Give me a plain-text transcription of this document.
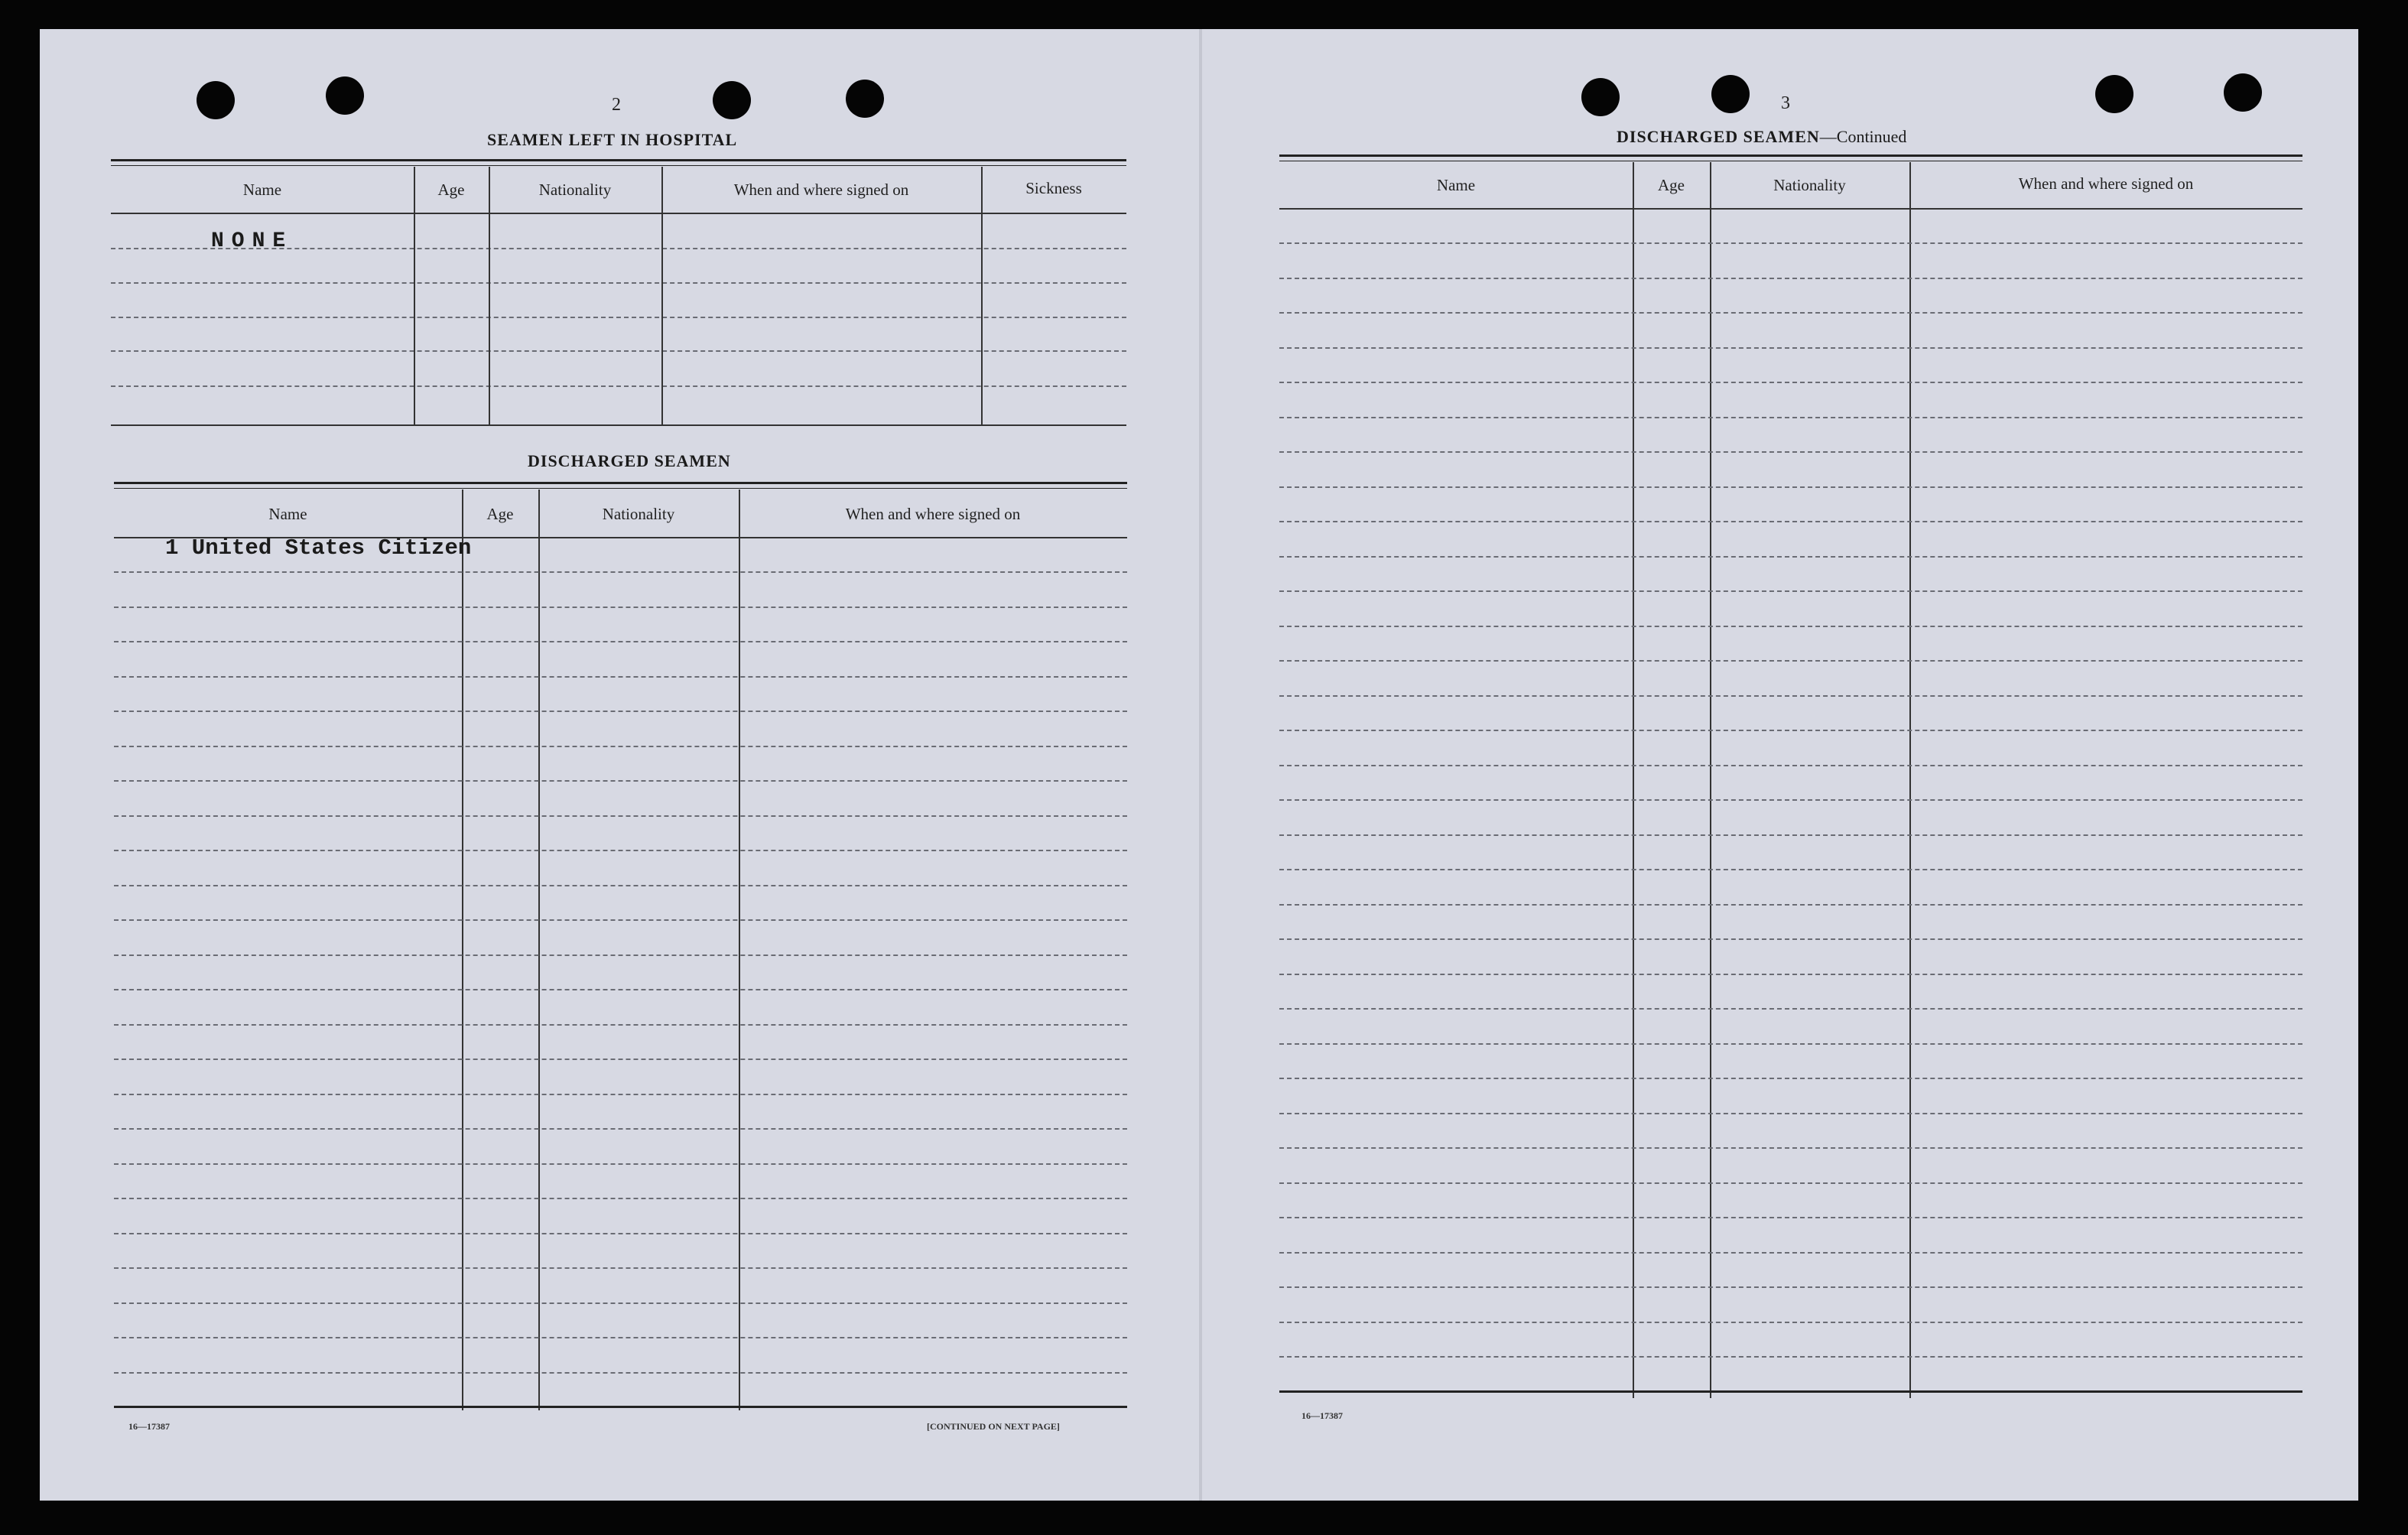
2
SEAMEN LEFT IN HOSPITAL
Name	Age	Nationality	When and where signed on	Sickness
NONE
DISCHARGED SEAMEN
Name	Age	Nationality	When and where signed on
1 United States Citizen
16—17387	[CONTINUED ON NEXT PAGE]
3
DISCHARGED SEAMEN—Continued
Name	Age	Nationality	When and where signed on
16—17387
